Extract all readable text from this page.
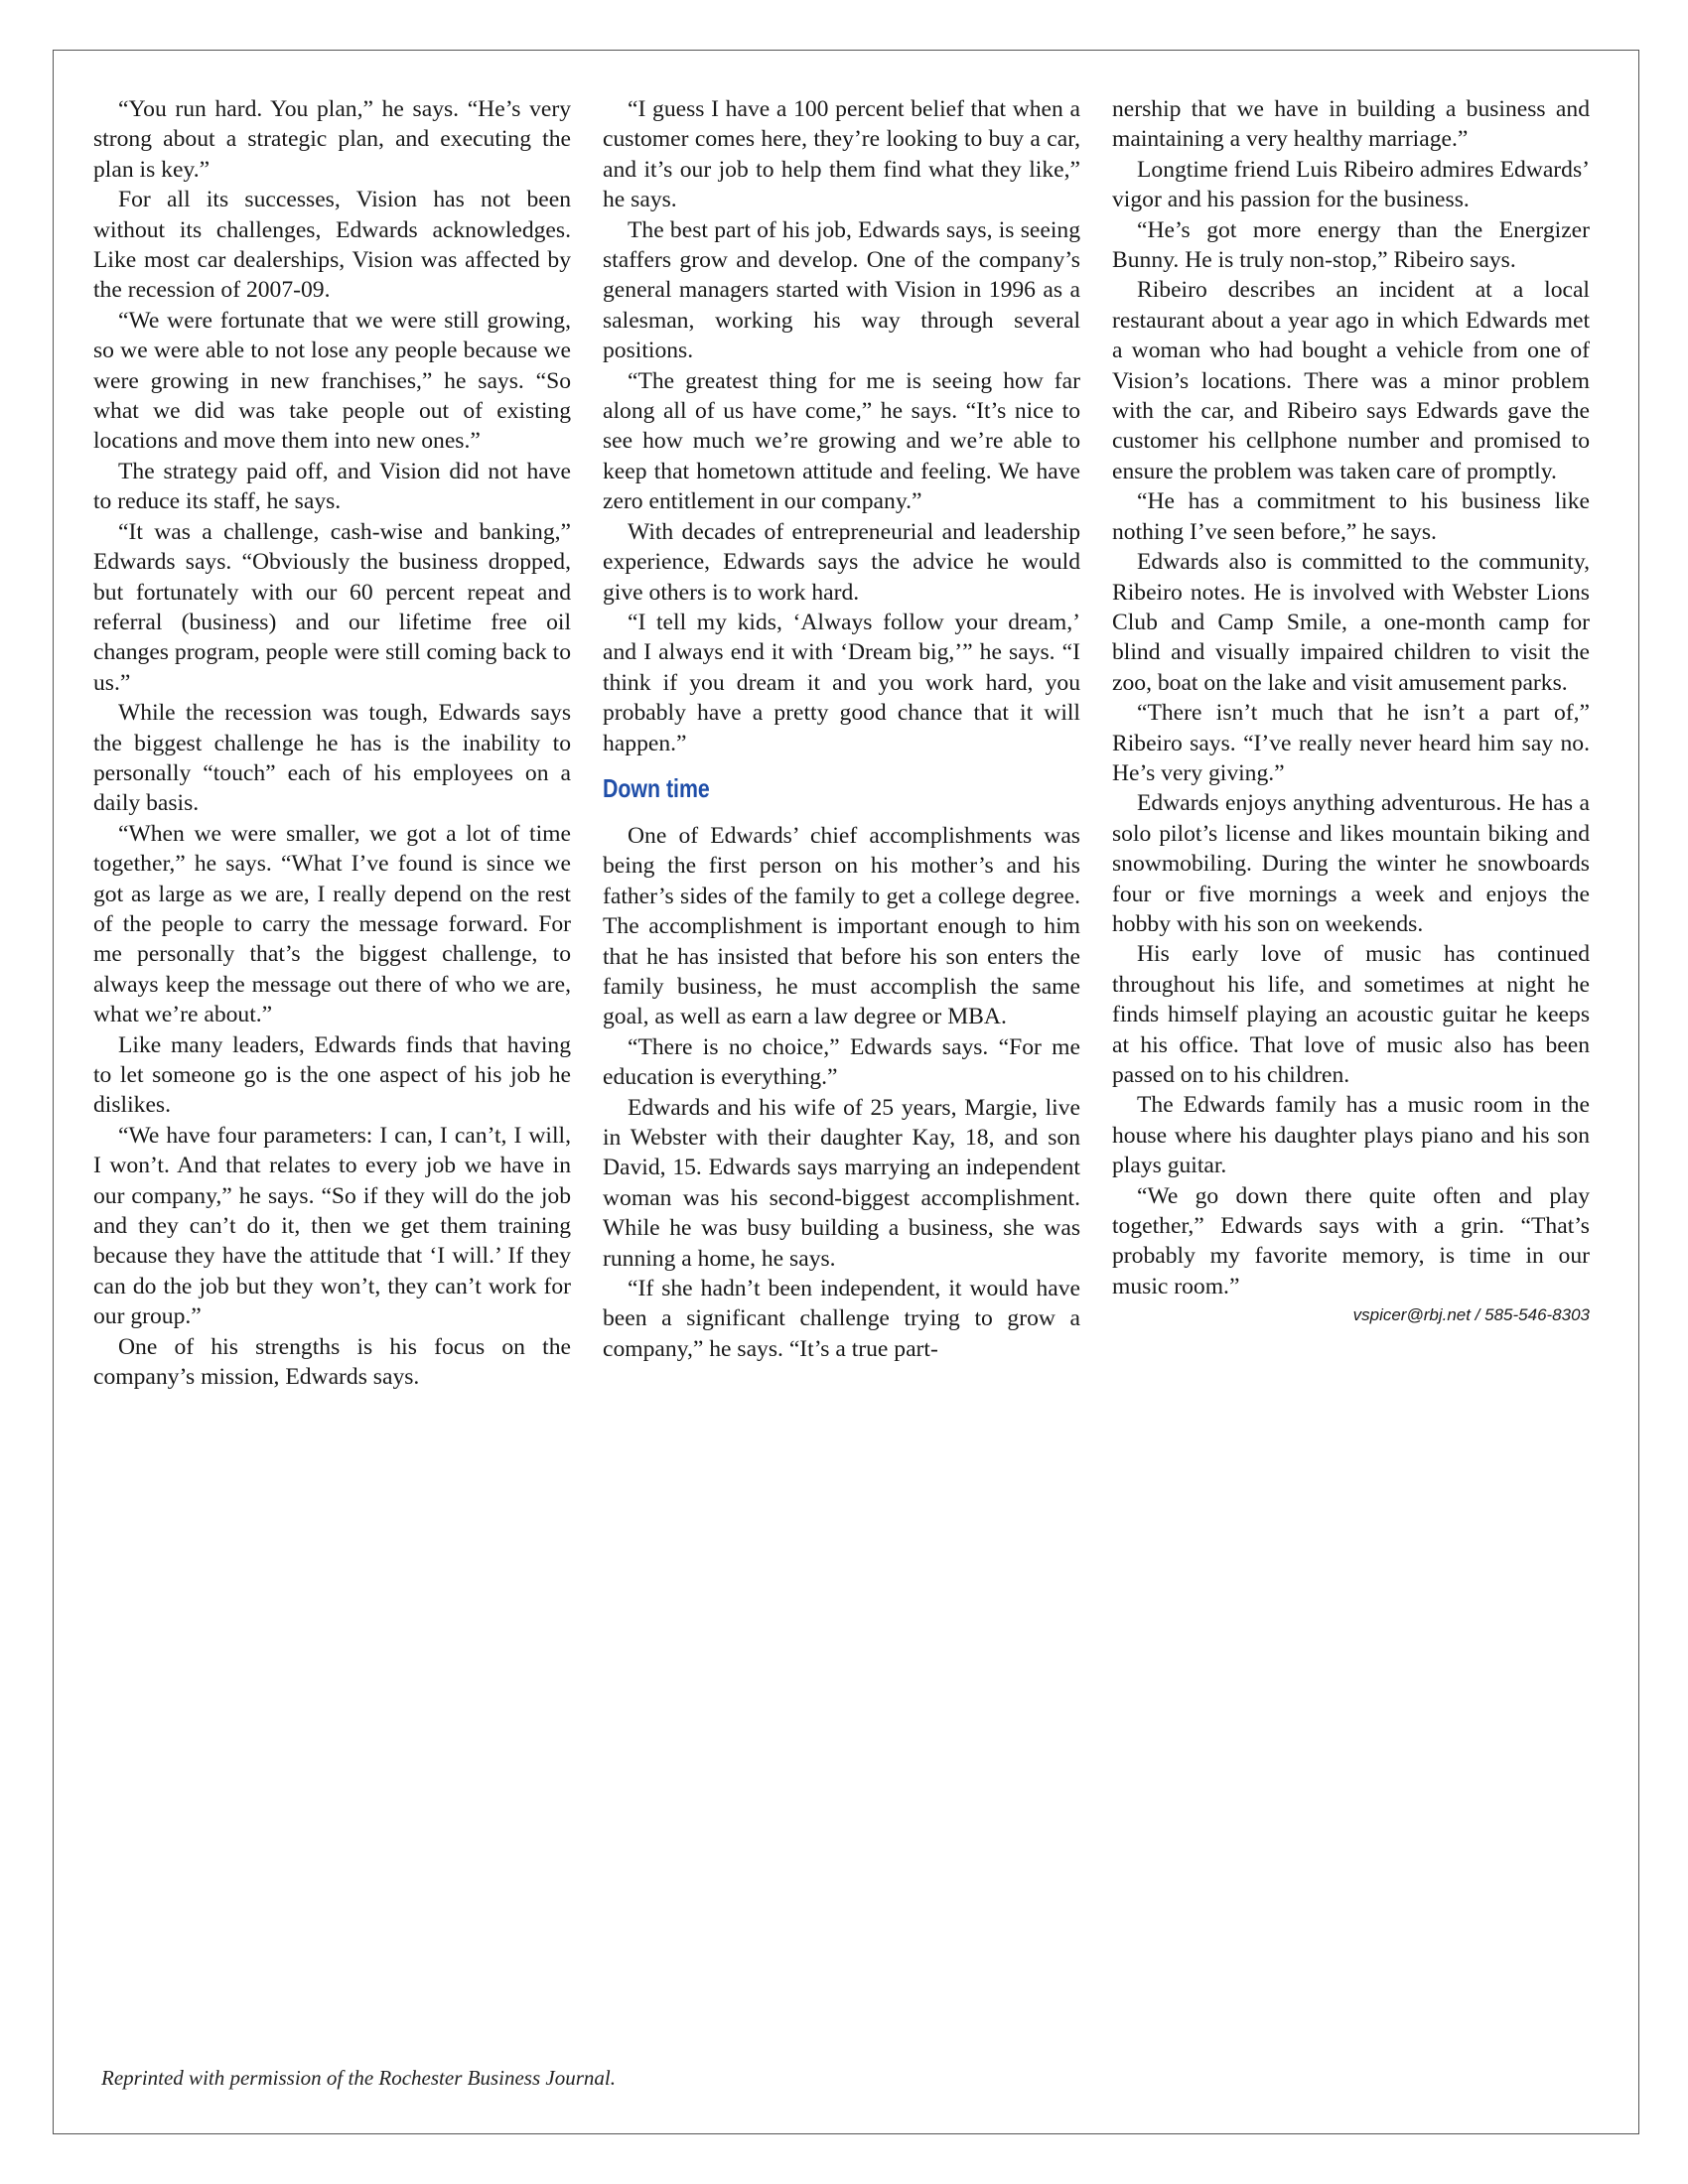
“You run hard. You plan,” he says. “He’s very strong about a strategic plan, and executing the plan is key.”

For all its successes, Vision has not been without its challenges, Edwards acknowledges. Like most car dealerships, Vision was affected by the recession of 2007-09.

“We were fortunate that we were still growing, so we were able to not lose any people because we were growing in new franchises,” he says. “So what we did was take people out of existing locations and move them into new ones.”

The strategy paid off, and Vision did not have to reduce its staff, he says.

“It was a challenge, cash-wise and banking,” Edwards says. “Obviously the business dropped, but fortunately with our 60 percent repeat and referral (business) and our lifetime free oil changes program, people were still coming back to us.”

While the recession was tough, Edwards says the biggest challenge he has is the inability to personally “touch” each of his employees on a daily basis.

“When we were smaller, we got a lot of time together,” he says. “What I’ve found is since we got as large as we are, I really depend on the rest of the people to carry the message forward. For me personally that’s the biggest challenge, to always keep the message out there of who we are, what we’re about.”

Like many leaders, Edwards finds that having to let someone go is the one aspect of his job he dislikes.

“We have four parameters: I can, I can’t, I will, I won’t. And that relates to every job we have in our company,” he says. “So if they will do the job and they can’t do it, then we get them training because they have the attitude that ‘I will.’ If they can do the job but they won’t, they can’t work for our group.”

One of his strengths is his focus on the company’s mission, Edwards says.

“I guess I have a 100 percent belief that when a customer comes here, they’re looking to buy a car, and it’s our job to help them find what they like,” he says.

The best part of his job, Edwards says, is seeing staffers grow and develop. One of the company’s general managers started with Vision in 1996 as a salesman, working his way through several positions.

“The greatest thing for me is seeing how far along all of us have come,” he says. “It’s nice to see how much we’re growing and we’re able to keep that hometown attitude and feeling. We have zero entitlement in our company.”

With decades of entrepreneurial and leadership experience, Edwards says the advice he would give others is to work hard.

“I tell my kids, ‘Always follow your dream,’ and I always end it with ‘Dream big,’” he says. “I think if you dream it and you work hard, you probably have a pretty good chance that it will happen.”

Down time

One of Edwards’ chief accomplishments was being the first person on his mother’s and his father’s sides of the family to get a college degree. The accomplishment is important enough to him that he has insisted that before his son enters the family business, he must accomplish the same goal, as well as earn a law degree or MBA.

“There is no choice,” Edwards says. “For me education is everything.”

Edwards and his wife of 25 years, Margie, live in Webster with their daughter Kay, 18, and son David, 15. Edwards says marrying an independent woman was his second-biggest accomplishment. While he was busy building a business, she was running a home, he says.

“If she hadn’t been independent, it would have been a significant challenge trying to grow a company,” he says. “It’s a true part-

nership that we have in building a business and maintaining a very healthy marriage.”

Longtime friend Luis Ribeiro admires Edwards’ vigor and his passion for the business.

“He’s got more energy than the Energizer Bunny. He is truly non-stop,” Ribeiro says.

Ribeiro describes an incident at a local restaurant about a year ago in which Edwards met a woman who had bought a vehicle from one of Vision’s locations. There was a minor problem with the car, and Ribeiro says Edwards gave the customer his cellphone number and promised to ensure the problem was taken care of promptly.

“He has a commitment to his business like nothing I’ve seen before,” he says.

Edwards also is committed to the community, Ribeiro notes. He is involved with Webster Lions Club and Camp Smile, a one-month camp for blind and visually impaired children to visit the zoo, boat on the lake and visit amusement parks.

“There isn’t much that he isn’t a part of,” Ribeiro says. “I’ve really never heard him say no. He’s very giving.”

Edwards enjoys anything adventurous. He has a solo pilot’s license and likes mountain biking and snowmobiling. During the winter he snowboards four or five mornings a week and enjoys the hobby with his son on weekends.

His early love of music has continued throughout his life, and sometimes at night he finds himself playing an acoustic guitar he keeps at his office. That love of music also has been passed on to his children.

The Edwards family has a music room in the house where his daughter plays piano and his son plays guitar.

“We go down there quite often and play together,” Edwards says with a grin. “That’s probably my favorite memory, is time in our music room.”

vspicer@rbj.net / 585-546-8303

Reprinted with permission of the Rochester Business Journal.
